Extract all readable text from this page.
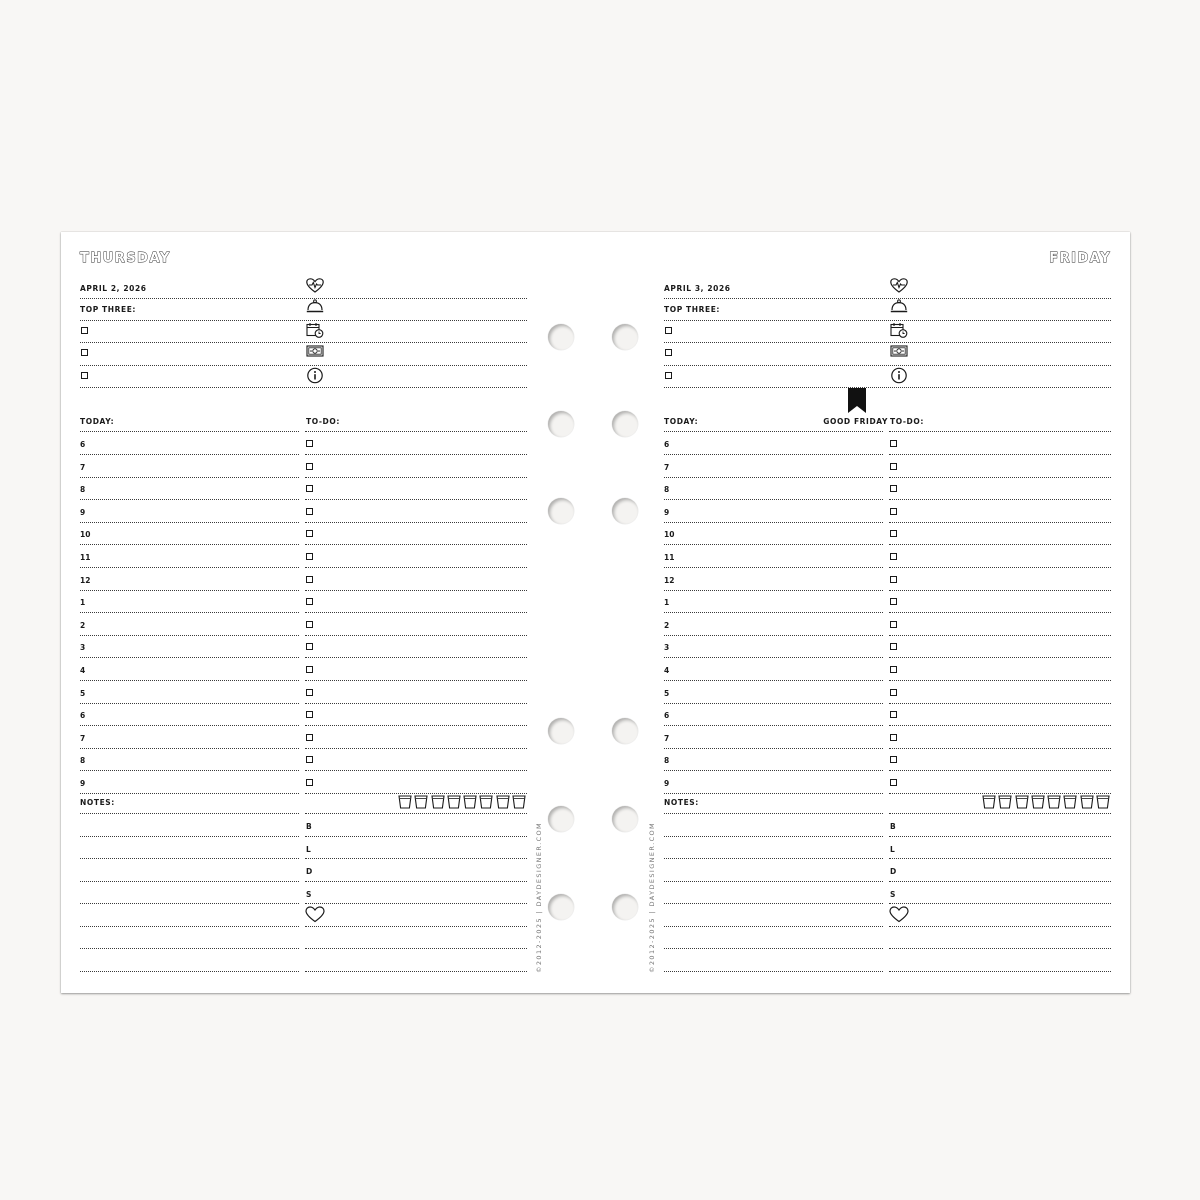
THURSDAY
APRIL 2, 2026
TOP THREE:
TODAY:	TO-DO:
6
7
8
9
10
11
12
1
2
3
4
5
6
7
8
9
NOTES:
B
L
D
S	©2012-2025 | DAYDESIGNER.COM
FRIDAY
APRIL 3, 2026
TOP THREE:
TODAY:	TO-DO:
GOOD FRIDAY
6
7
8
9
10
11
12
1
2
3
4
5
6
7
8
9
NOTES:
B
L
D
S
©2012-2025 | DAYDESIGNER.COM
